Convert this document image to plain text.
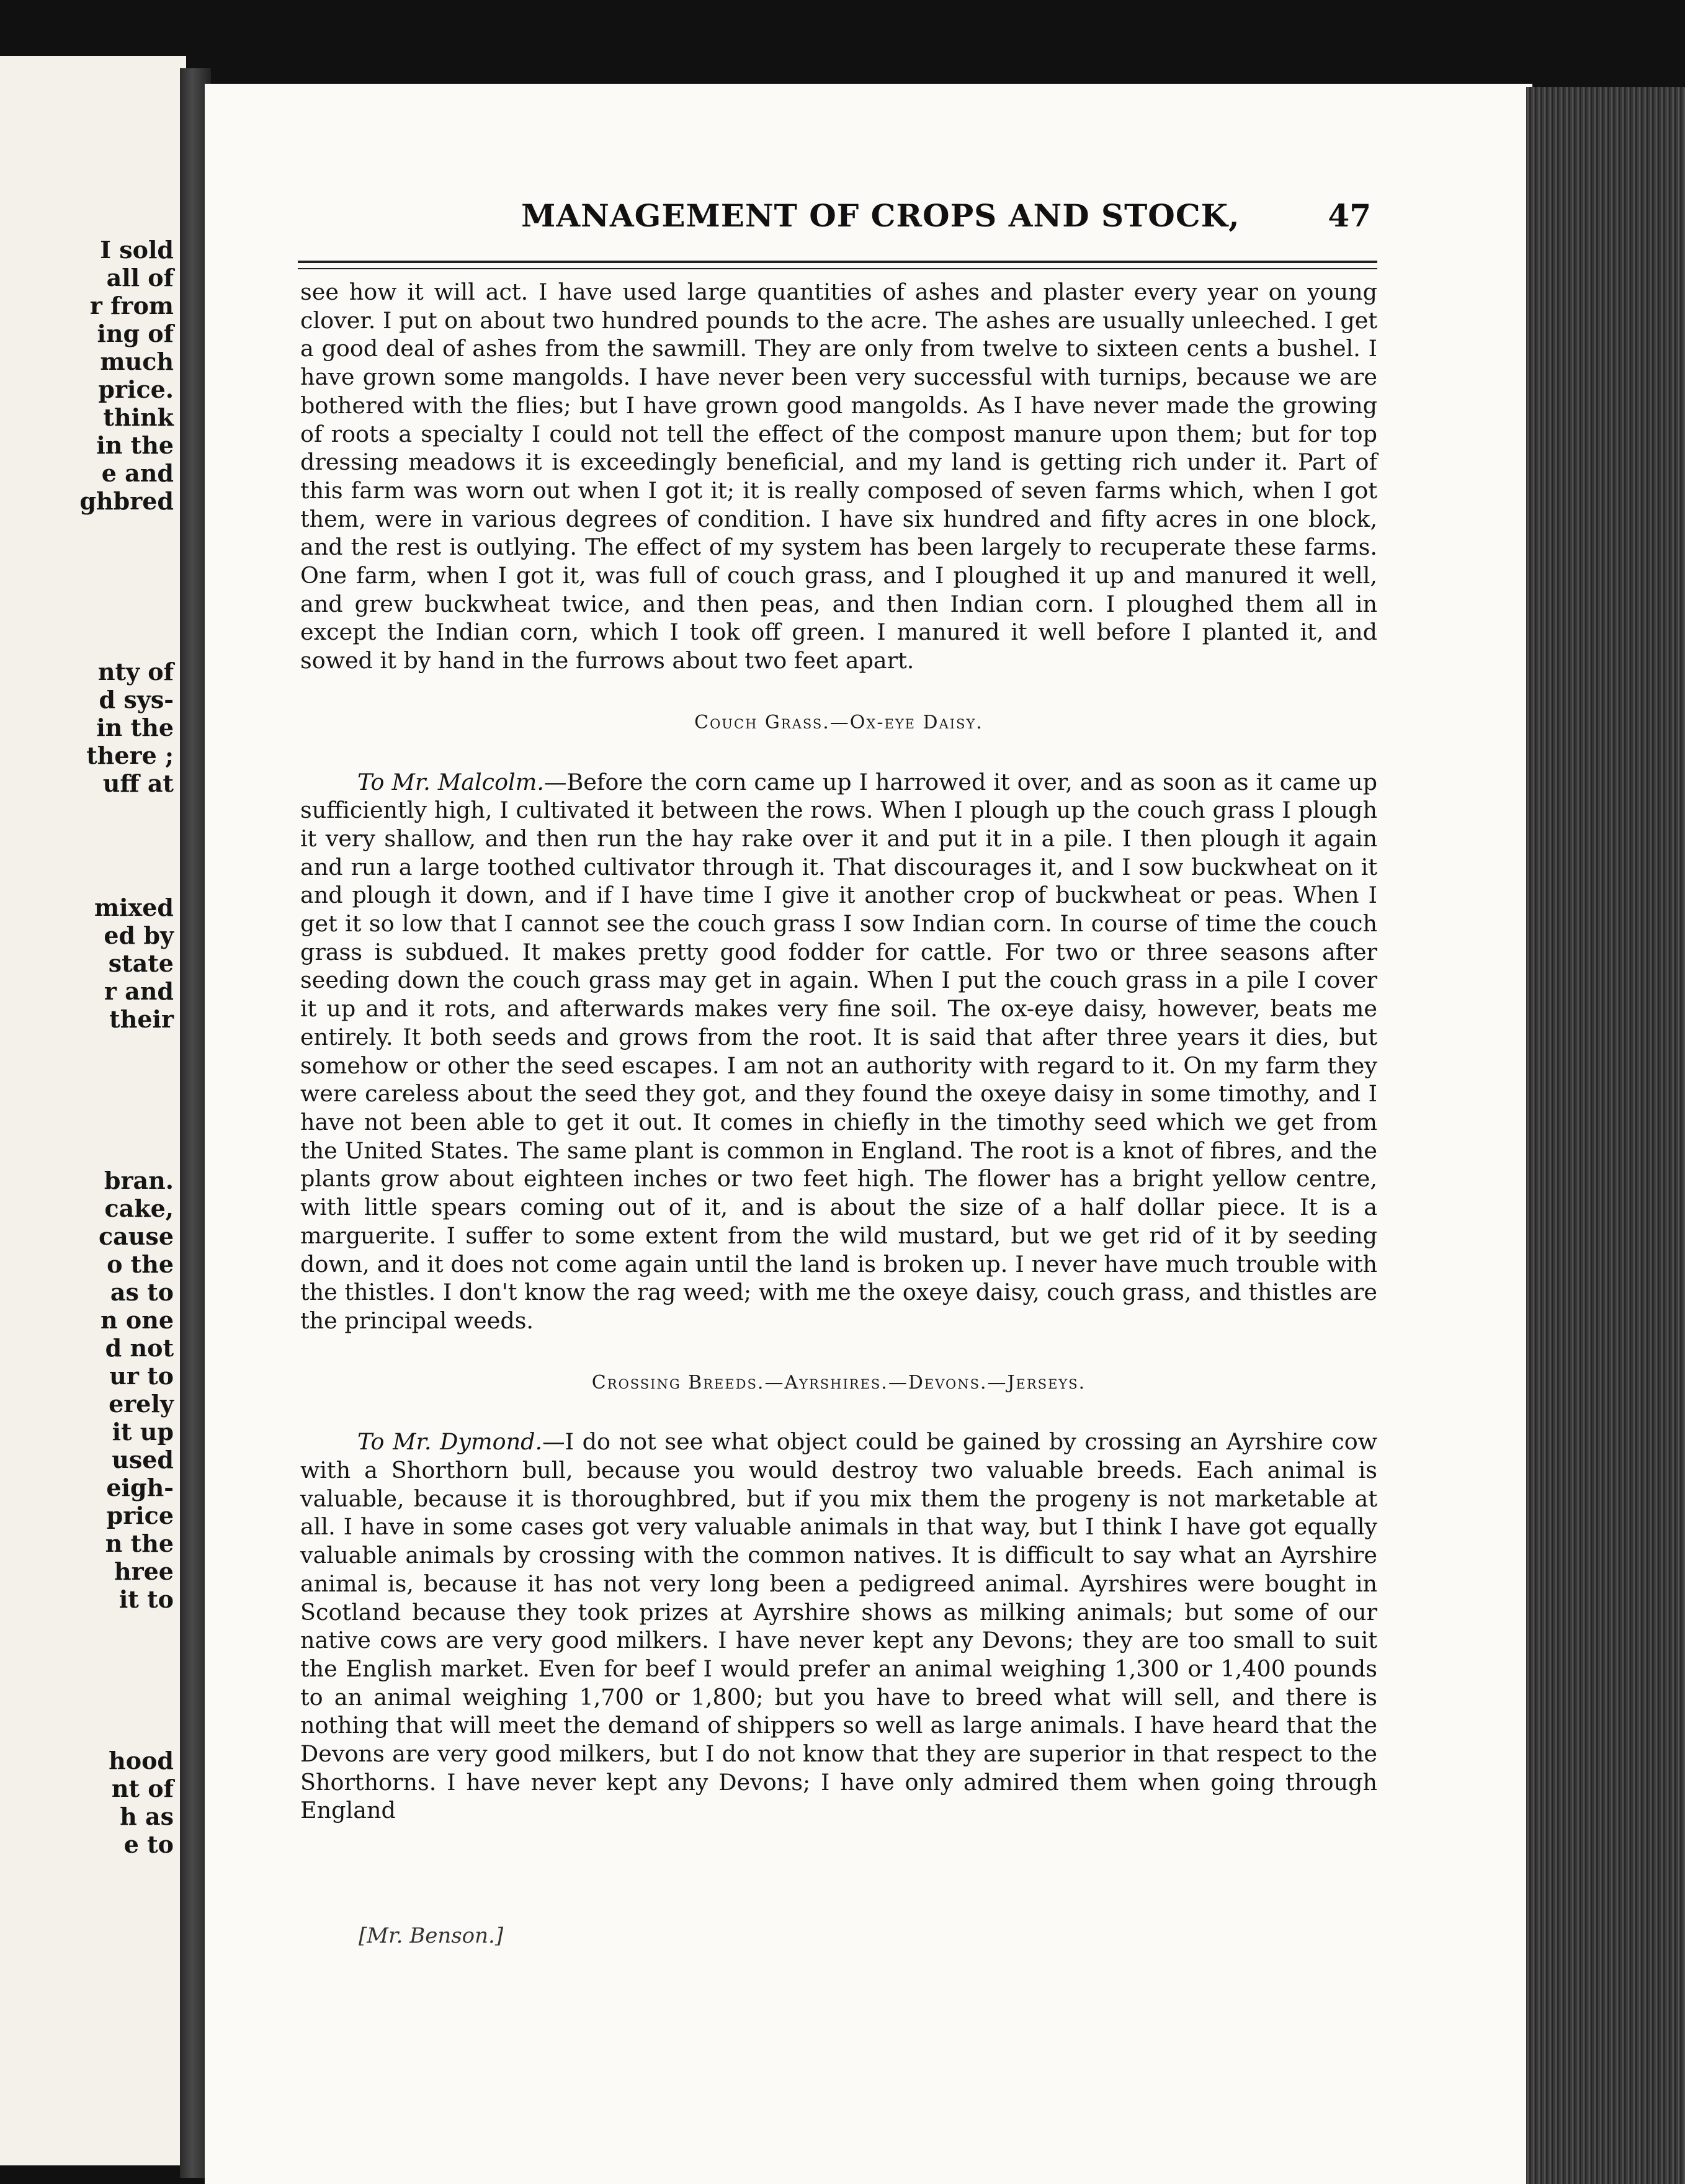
I sold
all of
r from
ing of
much
price.
think
in the
e and
ghbred
nty of
d sys-
in the
there ;
uff at
mixed
ed by
state
r and
their
bran.
cake,
cause
o the
as to
n one
d not
ur to
erely
it up
used
eigh-
price
n the
hree
it to
hood
nt of
h as
e to
MANAGEMENT OF CROPS AND STOCK,	47

see how it will act. I have used large quantities of ashes and plaster every year on young clover. I put on about two hundred pounds to the acre. The ashes are usually unleeched. I get a good deal of ashes from the sawmill. They are only from twelve to sixteen cents a bushel. I have grown some mangolds. I have never been very successful with turnips, because we are bothered with the flies; but I have grown good mangolds. As I have never made the growing of roots a specialty I could not tell the effect of the compost manure upon them; but for top dressing meadows it is exceedingly beneficial, and my land is getting rich under it. Part of this farm was worn out when I got it; it is really composed of seven farms which, when I got them, were in various degrees of condition. I have six hundred and fifty acres in one block, and the rest is outlying. The effect of my system has been largely to recuperate these farms. One farm, when I got it, was full of couch grass, and I ploughed it up and manured it well, and grew buckwheat twice, and then peas, and then Indian corn. I ploughed them all in except the Indian corn, which I took off green. I manured it well before I planted it, and sowed it by hand in the furrows about two feet apart.

Couch Grass.—Ox-eye Daisy.

To Mr. Malcolm.—Before the corn came up I harrowed it over, and as soon as it came up sufficiently high, I cultivated it between the rows. When I plough up the couch grass I plough it very shallow, and then run the hay rake over it and put it in a pile. I then plough it again and run a large toothed cultivator through it. That discourages it, and I sow buckwheat on it and plough it down, and if I have time I give it another crop of buckwheat or peas. When I get it so low that I cannot see the couch grass I sow Indian corn. In course of time the couch grass is subdued. It makes pretty good fodder for cattle. For two or three seasons after seeding down the couch grass may get in again. When I put the couch grass in a pile I cover it up and it rots, and afterwards makes very fine soil. The ox-eye daisy, however, beats me entirely. It both seeds and grows from the root. It is said that after three years it dies, but somehow or other the seed escapes. I am not an authority with regard to it. On my farm they were careless about the seed they got, and they found the oxeye daisy in some timothy, and I have not been able to get it out. It comes in chiefly in the timothy seed which we get from the United States. The same plant is common in England. The root is a knot of fibres, and the plants grow about eighteen inches or two feet high. The flower has a bright yellow centre, with little spears coming out of it, and is about the size of a half dollar piece. It is a marguerite. I suffer to some extent from the wild mustard, but we get rid of it by seeding down, and it does not come again until the land is broken up. I never have much trouble with the thistles. I don't know the rag weed; with me the oxeye daisy, couch grass, and thistles are the principal weeds.

Crossing Breeds.—Ayrshires.—Devons.—Jerseys.

To Mr. Dymond.—I do not see what object could be gained by crossing an Ayrshire cow with a Shorthorn bull, because you would destroy two valuable breeds. Each animal is valuable, because it is thoroughbred, but if you mix them the progeny is not marketable at all. I have in some cases got very valuable animals in that way, but I think I have got equally valuable animals by crossing with the common natives. It is difficult to say what an Ayrshire animal is, because it has not very long been a pedigreed animal. Ayrshires were bought in Scotland because they took prizes at Ayrshire shows as milking animals; but some of our native cows are very good milkers. I have never kept any Devons; they are too small to suit the English market. Even for beef I would prefer an animal weighing 1,300 or 1,400 pounds to an animal weighing 1,700 or 1,800; but you have to breed what will sell, and there is nothing that will meet the demand of shippers so well as large animals. I have heard that the Devons are very good milkers, but I do not know that they are superior in that respect to the Shorthorns. I have never kept any Devons; I have only admired them when going through England

[Mr. Benson.]
